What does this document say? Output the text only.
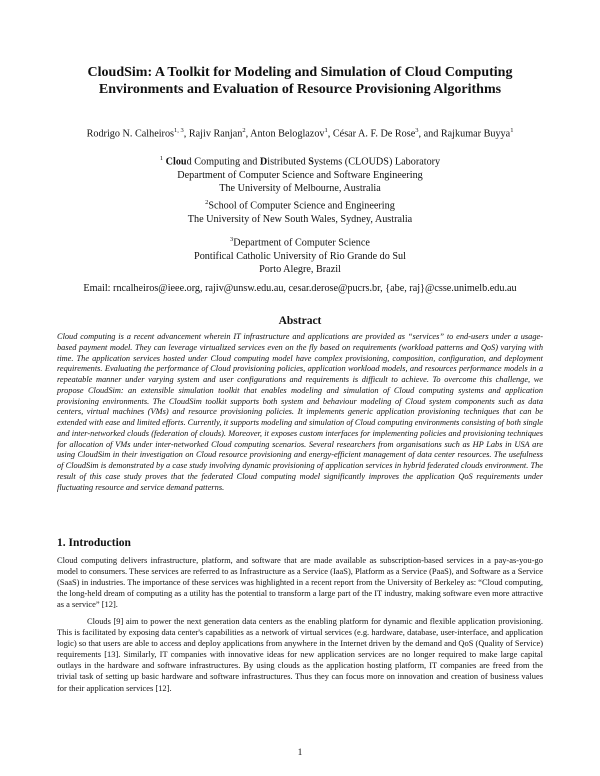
CloudSim: A Toolkit for Modeling and Simulation of Cloud Computing
Environments and Evaluation of Resource Provisioning Algorithms
Rodrigo N. Calheiros$^{1, 3}$, Rajiv Ranjan$^2$, Anton Beloglazov$^1$, César A. F. De Rose$^3$, and Rajkumar Buyya$^1$
$^1$ Cloud Computing and Distributed Systems (CLOUDS) Laboratory
Department of Computer Science and Software Engineering
The University of Melbourne, Australia
$^2$School of Computer Science and Engineering
The University of New South Wales, Sydney, Australia
$^3$Department of Computer Science
Pontifical Catholic University of Rio Grande do Sul
Porto Alegre, Brazil
Email: rncalheiros@ieee.org, rajiv@unsw.edu.au, cesar.derose@pucrs.br, {abe, raj}@csse.unimelb.edu.au
Abstract
Cloud computing is a recent advancement wherein IT infrastructure and applications are provided as “services” to end-users under a usage-based payment model. They can leverage virtualized services even on the fly based on requirements (workload patterns and QoS) varying with time. The application services hosted under Cloud computing model have complex provisioning, composition, configuration, and deployment requirements. Evaluating the performance of Cloud provisioning policies, application workload models, and resources performance models in a repeatable manner under varying system and user configurations and requirements is difficult to achieve. To overcome this challenge, we propose CloudSim: an extensible simulation toolkit that enables modeling and simulation of Cloud computing systems and application provisioning environments. The CloudSim toolkit supports both system and behaviour modeling of Cloud system components such as data centers, virtual machines (VMs) and resource provisioning policies. It implements generic application provisioning techniques that can be extended with ease and limited efforts. Currently, it supports modeling and simulation of Cloud computing environments consisting of both single and inter-networked clouds (federation of clouds). Moreover, it exposes custom interfaces for implementing policies and provisioning techniques for allocation of VMs under inter-networked Cloud computing scenarios. Several researchers from organisations such as HP Labs in USA are using CloudSim in their investigation on Cloud resource provisioning and energy-efficient management of data center resources. The usefulness of CloudSim is demonstrated by a case study involving dynamic provisioning of application services in hybrid federated clouds environment. The result of this case study proves that the federated Cloud computing model significantly improves the application QoS requirements under fluctuating resource and service demand patterns.
1. Introduction
Cloud computing delivers infrastructure, platform, and software that are made available as subscription-based services in a pay-as-you-go model to consumers. These services are referred to as Infrastructure as a Service (IaaS), Platform as a Service (PaaS), and Software as a Service (SaaS) in industries. The importance of these services was highlighted in a recent report from the University of Berkeley as: “Cloud computing, the long-held dream of computing as a utility has the potential to transform a large part of the IT industry, making software even more attractive as a service” [12].
Clouds [9] aim to power the next generation data centers as the enabling platform for dynamic and flexible application provisioning. This is facilitated by exposing data center's capabilities as a network of virtual services (e.g. hardware, database, user-interface, and application logic) so that users are able to access and deploy applications from anywhere in the Internet driven by the demand and QoS (Quality of Service) requirements [13]. Similarly, IT companies with innovative ideas for new application services are no longer required to make large capital outlays in the hardware and software infrastructures. By using clouds as the application hosting platform, IT companies are freed from the trivial task of setting up basic hardware and software infrastructures. Thus they can focus more on innovation and creation of business values for their application services [12].
1
